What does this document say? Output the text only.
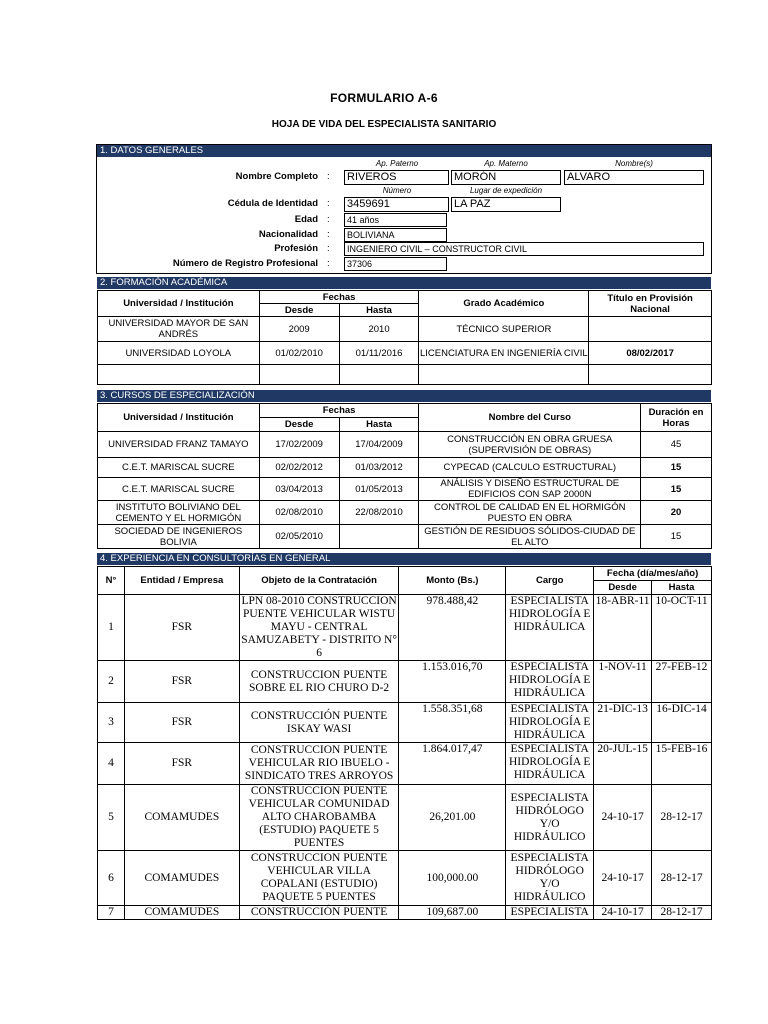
FORMULARIO A-6
HOJA DE VIDA DEL ESPECIALISTA SANITARIO
1. DATOS GENERALES
Ap. Paterno	Ap. Materno	Nombre(s)
Nombre Completo : RIVEROS	MORÓN	ALVARO
Número	Lugar de expedición
Cédula de Identidad : 3459691	LA PAZ
Edad :	41 años
Nacionalidad :	BOLIVIANA
Profesión :	INGENIERO CIVIL – CONSTRUCTOR CIVIL
Número de Registro Profesional :	37306
2. FORMACIÓN ACADÉMICA
Universidad / Institución	Fechas		Grado Académico	Título en Provisión Nacional
	Desde	Hasta		
UNIVERSIDAD MAYOR DE SAN ANDRÉS	2009	2010	TÉCNICO SUPERIOR	
UNIVERSIDAD LOYOLA	01/02/2010	01/11/2016	LICENCIATURA EN INGENIERÍA CIVIL	08/02/2017

3. CURSOS DE ESPECIALIZACIÓN
Universidad / Institución	Fechas		Nombre del Curso	Duración en Horas
	Desde	Hasta		
UNIVERSIDAD FRANZ TAMAYO	17/02/2009	17/04/2009	CONSTRUCCIÓN EN OBRA GRUESA (SUPERVISIÓN DE OBRAS)	45
C.E.T. MARISCAL SUCRE	02/02/2012	01/03/2012	CYPECAD (CALCULO ESTRUCTURAL)	15
C.E.T. MARISCAL SUCRE	03/04/2013	01/05/2013	ANÁLISIS Y DISEÑO ESTRUCTURAL DE EDIFICIOS CON SAP 2000N	15
INSTITUTO BOLIVIANO DEL CEMENTO Y EL HORMIGÓN	02/08/2010	22/08/2010	CONTROL DE CALIDAD EN EL HORMIGÓN PUESTO EN OBRA	20
SOCIEDAD DE INGENIEROS BOLIVIA	02/05/2010		GESTIÓN DE RESIDUOS SÓLIDOS-CIUDAD DE EL ALTO	15
4. EXPERIENCIA EN CONSULTORÍAS EN GENERAL
N°	Entidad / Empresa	Objeto de la Contratación	Monto (Bs.)	Cargo	Fecha (día/mes/año)	
					Desde	Hasta
1	FSR	LPN 08-2010 CONSTRUCCION PUENTE VEHICULAR WISTU MAYU - CENTRAL SAMUZABETY - DISTRITO N° 6	978.488,42	ESPECIALISTA HIDROLOGÍA E HIDRÁULICA	18-ABR-11	10-OCT-11
2	FSR	CONSTRUCCION PUENTE SOBRE EL RIO CHURO D-2	1.153.016,70	ESPECIALISTA HIDROLOGÍA E HIDRÁULICA	1-NOV-11	27-FEB-12
3	FSR	CONSTRUCCIÓN PUENTE ISKAY WASI	1.558.351,68	ESPECIALISTA HIDROLOGÍA E HIDRÁULICA	21-DIC-13	16-DIC-14
4	FSR	CONSTRUCCION PUENTE VEHICULAR RIO IBUELO - SINDICATO TRES ARROYOS	1.864.017,47	ESPECIALISTA HIDROLOGÍA E HIDRÁULICA	20-JUL-15	15-FEB-16
5	COMAMUDES	CONSTRUCCION PUENTE VEHICULAR COMUNIDAD ALTO CHAROBAMBA (ESTUDIO) PAQUETE 5 PUENTES	26,201.00	ESPECIALISTA HIDRÓLOGO Y/O HIDRÁULICO	24-10-17	28-12-17
6	COMAMUDES	CONSTRUCCION PUENTE VEHICULAR VILLA COPALANI (ESTUDIO) PAQUETE 5 PUENTES	100,000.00	ESPECIALISTA HIDRÓLOGO Y/O HIDRÁULICO	24-10-17	28-12-17
7	COMAMUDES	CONSTRUCCIÓN PUENTE	109,687.00	ESPECIALISTA	24-10-17	28-12-17
